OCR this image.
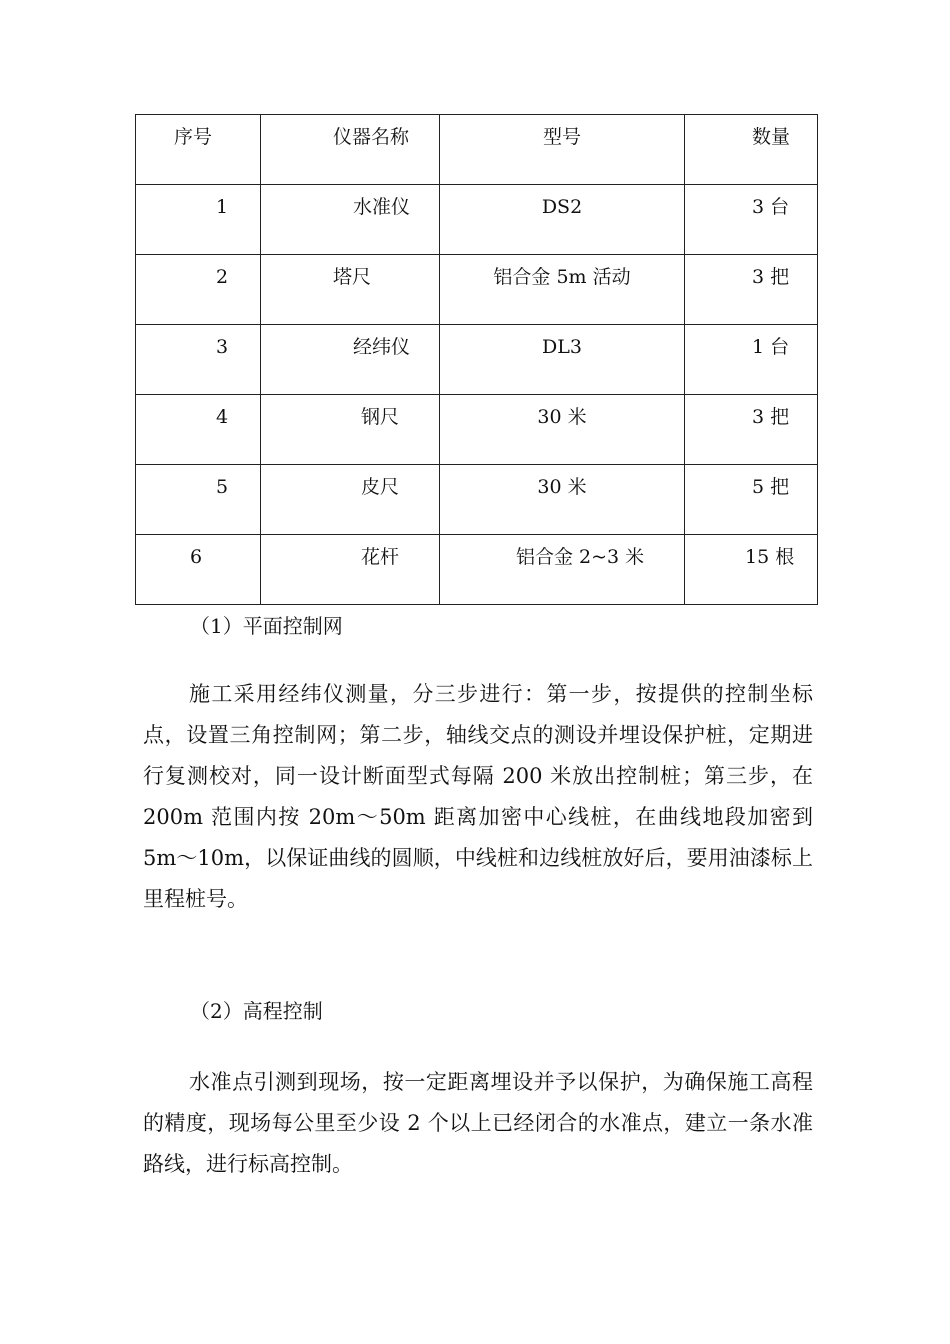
序号	仪器名称	型号	数量

1	水准仪	DS2	3 台

2	塔尺	铝合金 5m 活动	3 把

3	经纬仪	DL3	1 台

4	钢尺	30 米	3 把

5	皮尺	30 米	5 把

6	花杆	铝合金 2~3 米	15 根
（1）平面控制网

施工采用经纬仪测量，分三步进行：第一步，按提供的控制坐标点，设置三角控制网；第二步，轴线交点的测设并埋设保护桩，定期进行复测校对，同一设计断面型式每隔 200 米放出控制桩；第三步，在 200m 范围内按 20m～50m 距离加密中心线桩，在曲线地段加密到 5m～10m，以保证曲线的圆顺，中线桩和边线桩放好后，要用油漆标上里程桩号。

（2）高程控制

水准点引测到现场，按一定距离埋设并予以保护，为确保施工高程的精度，现场每公里至少设 2 个以上已经闭合的水准点，建立一条水准路线，进行标高控制。
